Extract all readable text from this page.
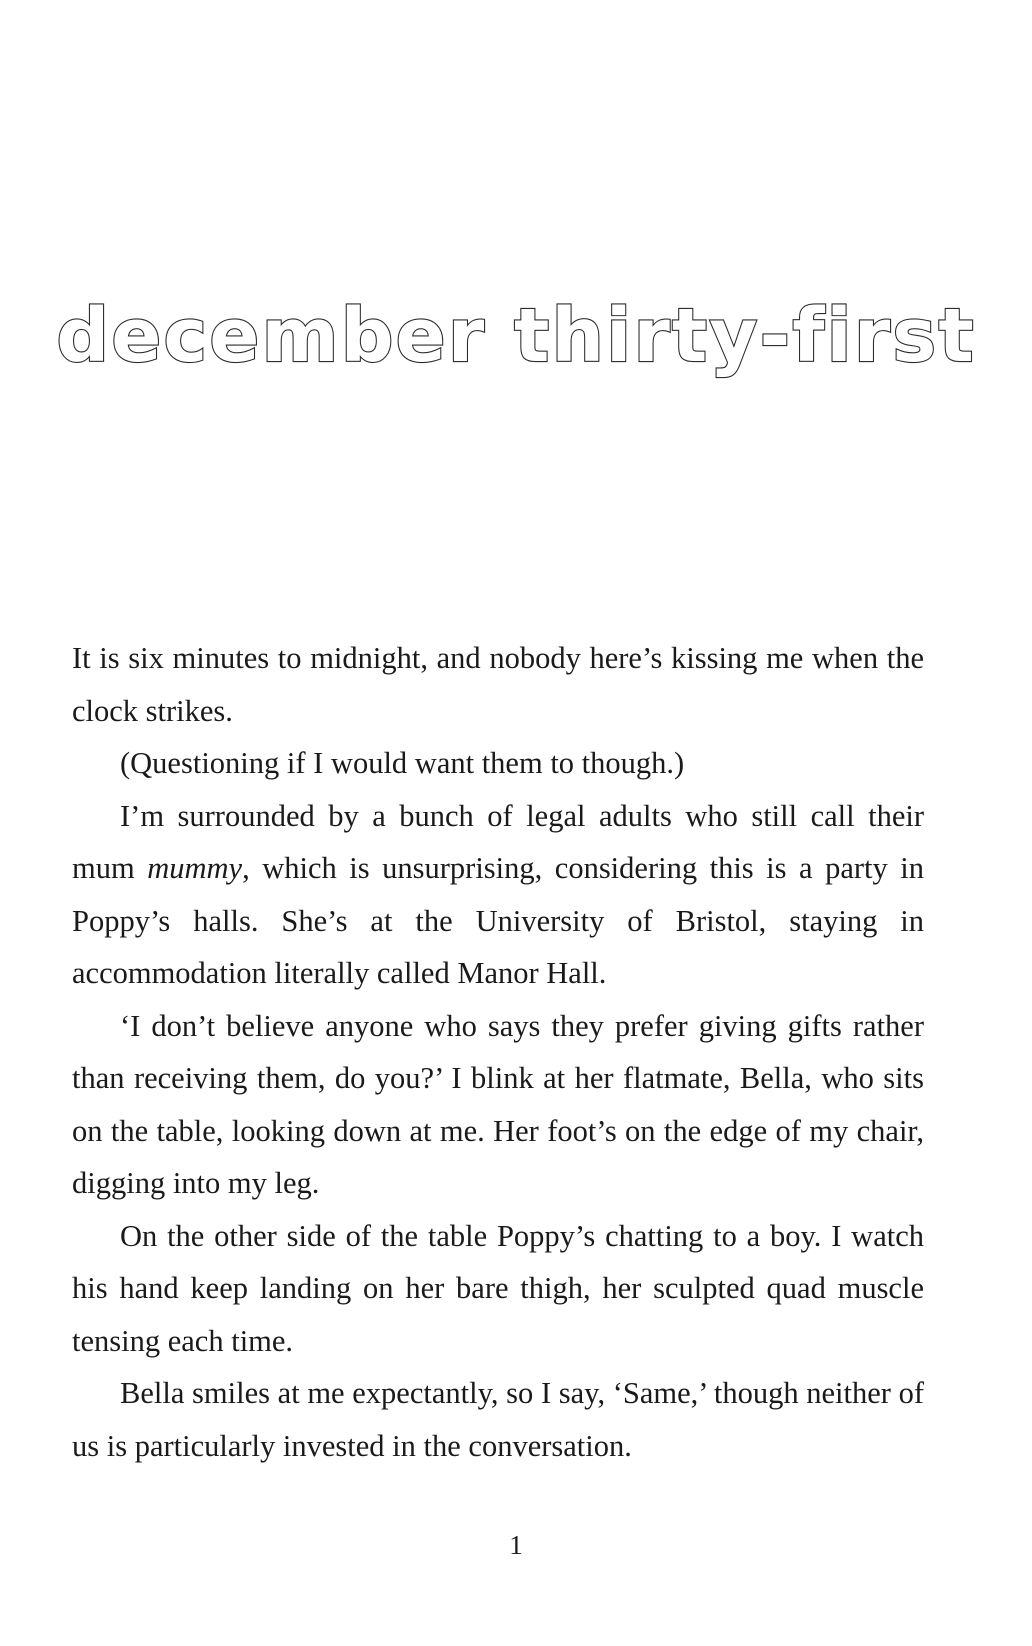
december thirty-first

It is six minutes to midnight, and nobody here’s kissing me when the clock strikes.

(Questioning if I would want them to though.)

I’m surrounded by a bunch of legal adults who still call their mum mummy, which is unsurprising, considering this is a party in Poppy’s halls. She’s at the University of Bristol, staying in accommodation literally called Manor Hall.

‘I don’t believe anyone who says they prefer giving gifts rather than receiving them, do you?’ I blink at her flatmate, Bella, who sits on the table, looking down at me. Her foot’s on the edge of my chair, digging into my leg.

On the other side of the table Poppy’s chatting to a boy. I watch his hand keep landing on her bare thigh, her sculpted quad muscle tensing each time.

Bella smiles at me expectantly, so I say, ‘Same,’ though neither of us is particularly invested in the conversation.

1
